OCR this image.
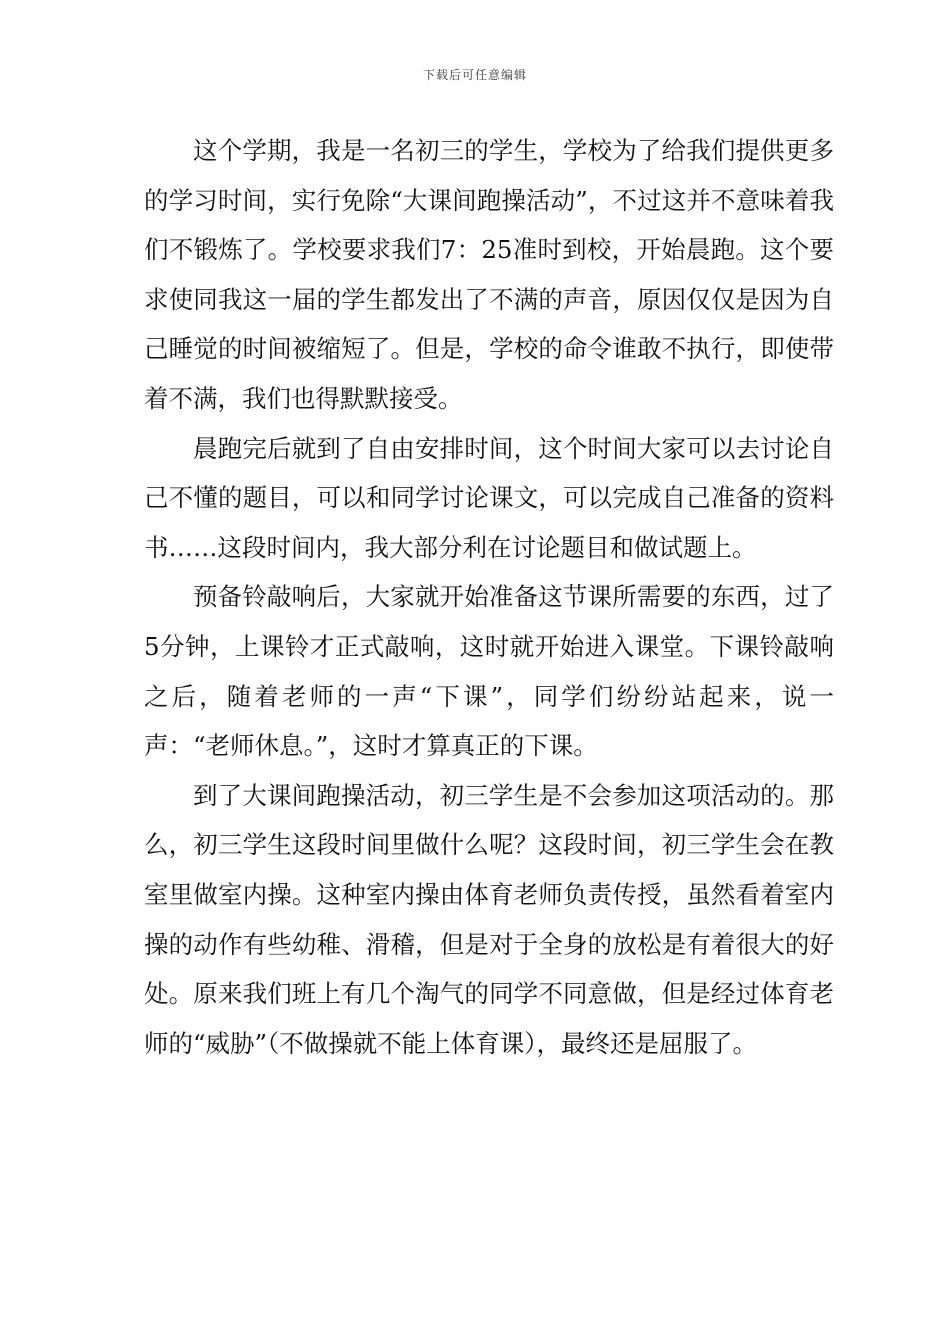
下载后可任意编辑

这个学期，我是一名初三的学生，学校为了给我们提供更多的学习时间，实行免除“大课间跑操活动”，不过这并不意味着我们不锻炼了。学校要求我们7：25准时到校，开始晨跑。这个要求使同我这一届的学生都发出了不满的声音，原因仅仅是因为自己睡觉的时间被缩短了。但是，学校的命令谁敢不执行，即使带着不满，我们也得默默接受。

晨跑完后就到了自由安排时间，这个时间大家可以去讨论自己不懂的题目，可以和同学讨论课文，可以完成自己准备的资料书……这段时间内，我大部分利在讨论题目和做试题上。

预备铃敲响后，大家就开始准备这节课所需要的东西，过了5分钟，上课铃才正式敲响，这时就开始进入课堂。下课铃敲响之后，随着老师的一声“下课”，同学们纷纷站起来，说一声：“老师休息。”，这时才算真正的下课。

到了大课间跑操活动，初三学生是不会参加这项活动的。那么，初三学生这段时间里做什么呢？这段时间，初三学生会在教室里做室内操。这种室内操由体育老师负责传授，虽然看着室内操的动作有些幼稚、滑稽，但是对于全身的放松是有着很大的好处。原来我们班上有几个淘气的同学不同意做，但是经过体育老师的“威胁”（不做操就不能上体育课），最终还是屈服了。
